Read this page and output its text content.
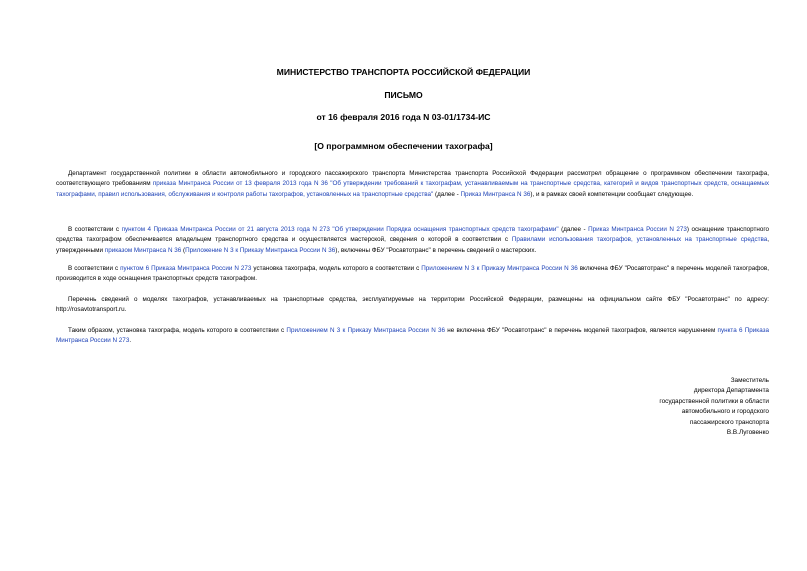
МИНИСТЕРСТВО ТРАНСПОРТА РОССИЙСКОЙ ФЕДЕРАЦИИ
ПИСЬМО
от 16 февраля 2016 года N 03-01/1734-ИС
[О программном обеспечении тахографа]
Департамент государственной политики в области автомобильного и городского пассажирского транспорта Министерства транспорта Российской Федерации рассмотрел обращение о программном обеспечении тахографа, соответствующего требованиям приказа Минтранса России от 13 февраля 2013 года N 36 "Об утверждении требований к тахографам, устанавливаемым на транспортные средства, категорий и видов транспортных средств, оснащаемых тахографами, правил использования, обслуживания и контроля работы тахографов, установленных на транспортные средства" (далее - Приказ Минтранса N 36), и в рамках своей компетенции сообщает следующее.
В соответствии с пунктом 4 Приказа Минтранса России от 21 августа 2013 года N 273 "Об утверждении Порядка оснащения транспортных средств тахографами" (далее - Приказ Минтранса России N 273) оснащение транспортного средства тахографом обеспечивается владельцем транспортного средства и осуществляется мастерской, сведения о которой в соответствии с Правилами использования тахографов, установленных на транспортные средства, утвержденными приказом Минтранса N 36 (Приложение N 3 к Приказу Минтранса России N 36), включены ФБУ "Росавтотранс" в перечень сведений о мастерских.
В соответствии с пунктом 6 Приказа Минтранса России N 273 установка тахографа, модель которого в соответствии с Приложением N 3 к Приказу Минтранса России N 36 включена ФБУ "Росавтотранс" в перечень моделей тахографов, производится в ходе оснащения транспортных средств тахографом.
Перечень сведений о моделях тахографов, устанавливаемых на транспортные средства, эксплуатируемые на территории Российской Федерации, размещены на официальном сайте ФБУ "Росавтотранс" по адресу: http://rosavtotransport.ru.
Таким образом, установка тахографа, модель которого в соответствии с Приложением N 3 к Приказу Минтранса России N 36 не включена ФБУ "Росавтотранс" в перечень моделей тахографов, является нарушением пункта 6 Приказа Минтранса России N 273.
Заместитель
директора Департамента
государственной политики в области
автомобильного и городского
пассажирского транспорта
В.В.Луговенко
